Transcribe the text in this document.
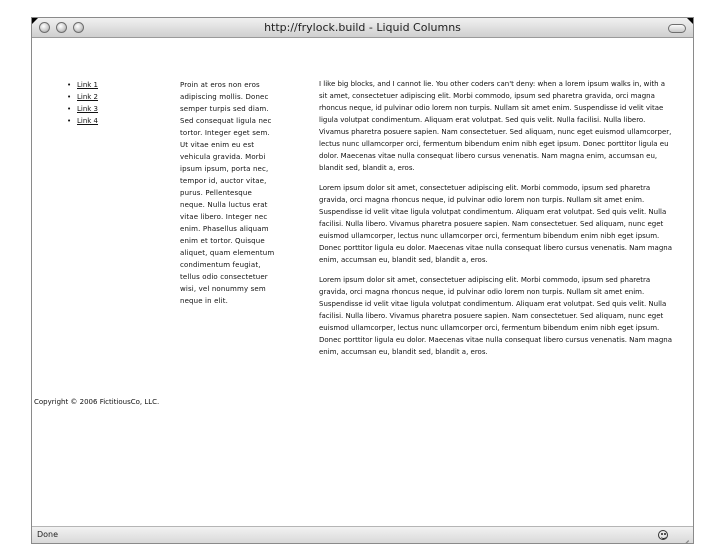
http://frylock.build - Liquid Columns
• Link 1
• Link 2
• Link 3
• Link 4
Proin at eros non eros adipiscing mollis. Donec semper turpis sed diam. Sed consequat ligula nec tortor. Integer eget sem. Ut vitae enim eu est vehicula gravida. Morbi ipsum ipsum, porta nec, tempor id, auctor vitae, purus. Pellentesque neque. Nulla luctus erat vitae libero. Integer nec enim. Phasellus aliquam enim et tortor. Quisque aliquet, quam elementum condimentum feugiat, tellus odio consectetuer wisi, vel nonummy sem neque in elit.

I like big blocks, and I cannot lie. You other coders can't deny: when a lorem ipsum walks in, with a sit amet, consectetuer adipiscing elit. Morbi commodo, ipsum sed pharetra gravida, orci magna rhoncus neque, id pulvinar odio lorem non turpis. Nullam sit amet enim. Suspendisse id velit vitae ligula volutpat condimentum. Aliquam erat volutpat. Sed quis velit. Nulla facilisi. Nulla libero. Vivamus pharetra posuere sapien. Nam consectetuer. Sed aliquam, nunc eget euismod ullamcorper, lectus nunc ullamcorper orci, fermentum bibendum enim nibh eget ipsum. Donec porttitor ligula eu dolor. Maecenas vitae nulla consequat libero cursus venenatis. Nam magna enim, accumsan eu, blandit sed, blandit a, eros.

Lorem ipsum dolor sit amet, consectetuer adipiscing elit. Morbi commodo, ipsum sed pharetra gravida, orci magna rhoncus neque, id pulvinar odio lorem non turpis. Nullam sit amet enim. Suspendisse id velit vitae ligula volutpat condimentum. Aliquam erat volutpat. Sed quis velit. Nulla facilisi. Nulla libero. Vivamus pharetra posuere sapien. Nam consectetuer. Sed aliquam, nunc eget euismod ullamcorper, lectus nunc ullamcorper orci, fermentum bibendum enim nibh eget ipsum. Donec porttitor ligula eu dolor. Maecenas vitae nulla consequat libero cursus venenatis. Nam magna enim, accumsan eu, blandit sed, blandit a, eros.

Lorem ipsum dolor sit amet, consectetuer adipiscing elit. Morbi commodo, ipsum sed pharetra gravida, orci magna rhoncus neque, id pulvinar odio lorem non turpis. Nullam sit amet enim. Suspendisse id velit vitae ligula volutpat condimentum. Aliquam erat volutpat. Sed quis velit. Nulla facilisi. Nulla libero. Vivamus pharetra posuere sapien. Nam consectetuer. Sed aliquam, nunc eget euismod ullamcorper, lectus nunc ullamcorper orci, fermentum bibendum enim nibh eget ipsum. Donec porttitor ligula eu dolor. Maecenas vitae nulla consequat libero cursus venenatis. Nam magna enim, accumsan eu, blandit sed, blandit a, eros.

Copyright © 2006 FictitiousCo, LLC.
Done
